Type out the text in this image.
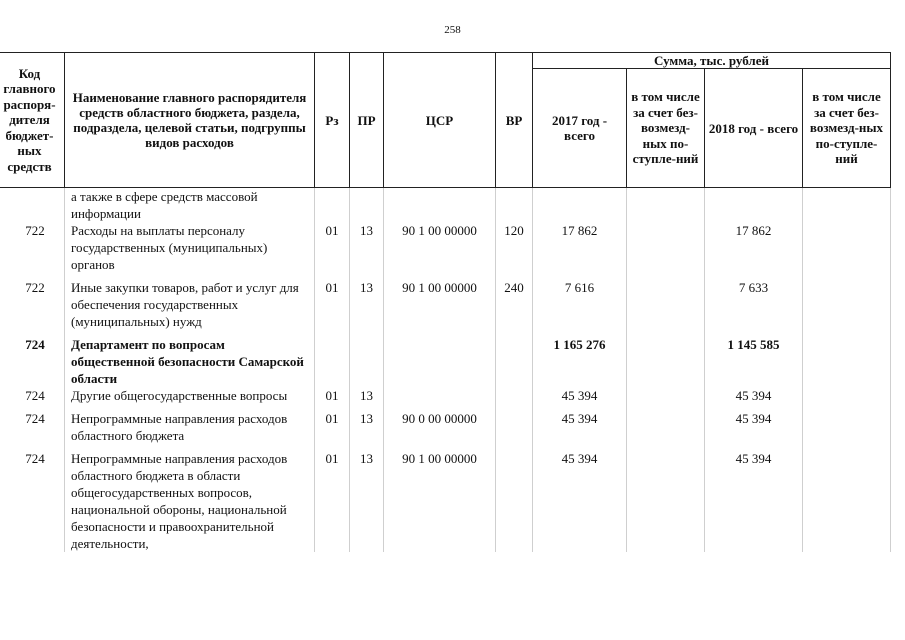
258
Код главного распоря-дителя бюджет-ных средств	Наименование главного распорядителя средств областного бюджета, раздела, подраздела, целевой статьи, подгруппы видов расходов	Рз	ПР	ЦСР	ВР	Сумма, тыс. рублей			
						2017 год - всего	в том числе за счет без-возмезд-ных по-ступле-ний	2018 год - всего	в том числе за счет без-возмезд-ных по-ступле-ний
	а также в сфере средств массовой информации								
722	Расходы на выплаты персоналу государственных (муниципальных) органов	01	13	90 1 00 00000	120	17 862		17 862	
722	Иные закупки товаров, работ и услуг для обеспечения государственных (муниципальных) нужд	01	13	90 1 00 00000	240	7 616		7 633	
724	Департамент по вопросам общественной безопасности Самарской области					1 165 276		1 145 585	
724	Другие общегосударственные вопросы	01	13			45 394		45 394	
724	Непрограммные направления расходов областного бюджета	01	13	90 0 00 00000		45 394		45 394	
724	Непрограммные направления расходов областного бюджета в области общегосударственных вопросов, национальной обороны, национальной безопасности и правоохранительной деятельности,	01	13	90 1 00 00000		45 394		45 394	
